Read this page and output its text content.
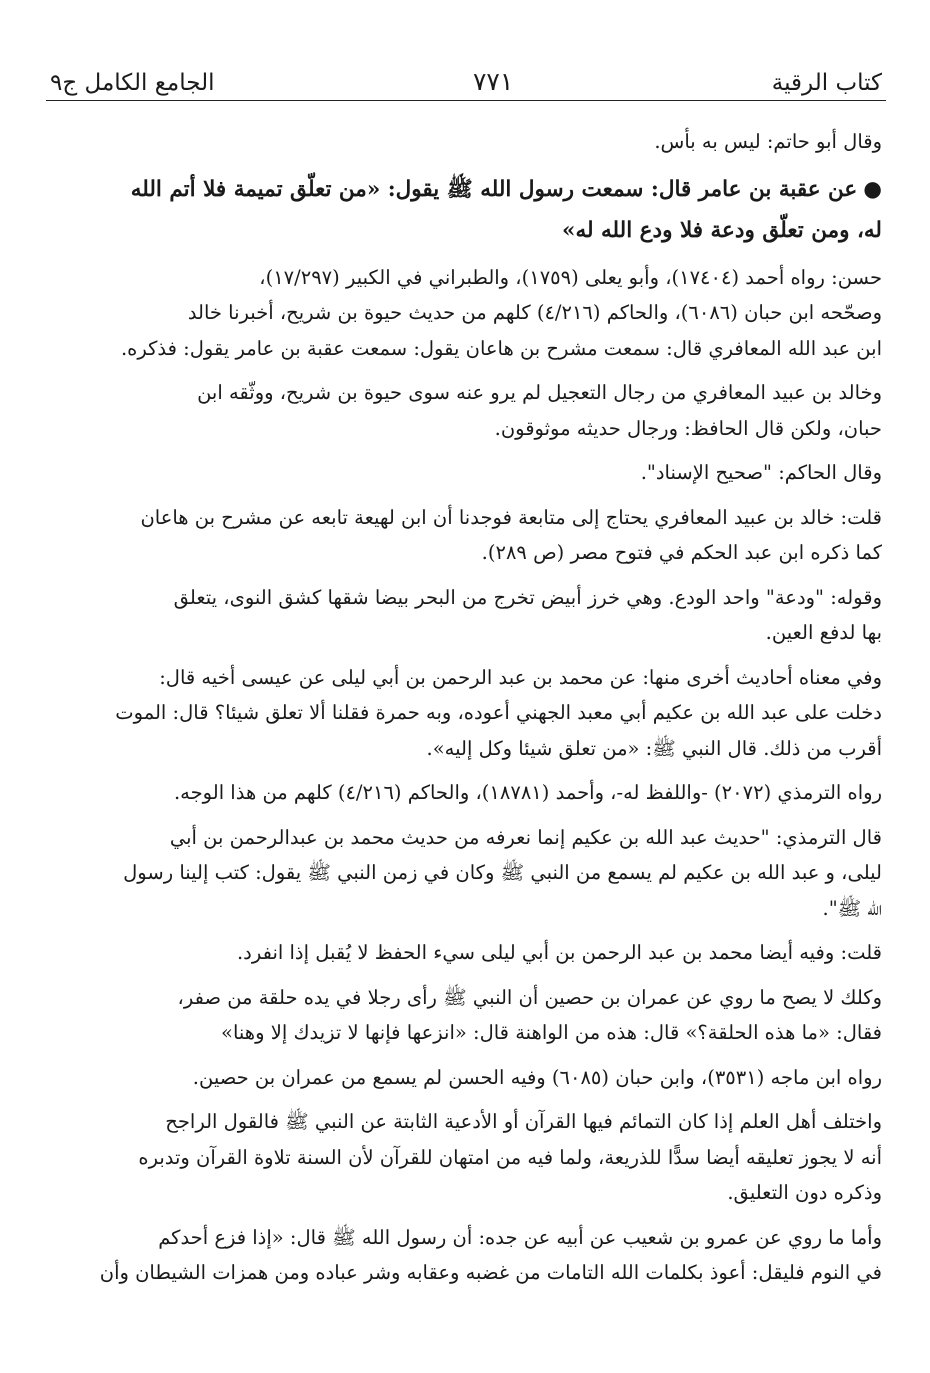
كتاب الرقية
٧٧١
الجامع الكامل ج٩

وقال أبو حاتم: ليس به بأس.

●عن عقبة بن عامر قال: سمعت رسول الله ﷺ يقول: «من تعلّق تميمة فلا أتم الله
له، ومن تعلّق ودعة فلا ودع الله له»

حسن: رواه أحمد (١٧٤٠٤)، وأبو يعلى (١٧٥٩)، والطبراني في الكبير (١٧/٢٩٧)،
وصحّحه ابن حبان (٦٠٨٦)، والحاكم (٤/٢١٦) كلهم من حديث حيوة بن شريح، أخبرنا خالد
ابن عبد الله المعافري قال: سمعت مشرح بن هاعان يقول: سمعت عقبة بن عامر يقول: فذكره.

وخالد بن عبيد المعافري من رجال التعجيل لم يرو عنه سوى حيوة بن شريح، ووثّقه ابن
حبان، ولكن قال الحافظ: ورجال حديثه موثوقون.

وقال الحاكم: "صحيح الإسناد".

قلت: خالد بن عبيد المعافري يحتاج إلى متابعة فوجدنا أن ابن لهيعة تابعه عن مشرح بن هاعان
كما ذكره ابن عبد الحكم في فتوح مصر (ص ٢٨٩).

وقوله: "ودعة" واحد الودع. وهي خرز أبيض تخرج من البحر بيضا شقها كشق النوى، يتعلق
بها لدفع العين.

وفي معناه أحاديث أخرى منها: عن محمد بن عبد الرحمن بن أبي ليلى عن عيسى أخيه قال:
دخلت على عبد الله بن عكيم أبي معبد الجهني أعوده، وبه حمرة فقلنا ألا تعلق شيئا؟ قال: الموت
أقرب من ذلك. قال النبي ﷺ: «من تعلق شيئا وكل إليه».

رواه الترمذي (٢٠٧٢) -واللفظ له-، وأحمد (١٨٧٨١)، والحاكم (٤/٢١٦) كلهم من هذا الوجه.

قال الترمذي: "حديث عبد الله بن عكيم إنما نعرفه من حديث محمد بن عبدالرحمن بن أبي
ليلى، و عبد الله بن عكيم لم يسمع من النبي ﷺ وكان في زمن النبي ﷺ يقول: كتب إلينا رسول
الله ﷺ".

قلت: وفيه أيضا محمد بن عبد الرحمن بن أبي ليلى سيء الحفظ لا يُقبل إذا انفرد.

وكلك لا يصح ما روي عن عمران بن حصين أن النبي ﷺ رأى رجلا في يده حلقة من صفر،
فقال: «ما هذه الحلقة؟» قال: هذه من الواهنة قال: «انزعها فإنها لا تزيدك إلا وهنا»

رواه ابن ماجه (٣٥٣١)، وابن حبان (٦٠٨٥) وفيه الحسن لم يسمع من عمران بن حصين.

واختلف أهل العلم إذا كان التمائم فيها القرآن أو الأدعية الثابتة عن النبي ﷺ فالقول الراجح
أنه لا يجوز تعليقه أيضا سدًّا للذريعة، ولما فيه من امتهان للقرآن لأن السنة تلاوة القرآن وتدبره
وذكره دون التعليق.

وأما ما روي عن عمرو بن شعيب عن أبيه عن جده: أن رسول الله ﷺ قال: «إذا فزع أحدكم
في النوم فليقل: أعوذ بكلمات الله التامات من غضبه وعقابه وشر عباده ومن همزات الشيطان وأن
